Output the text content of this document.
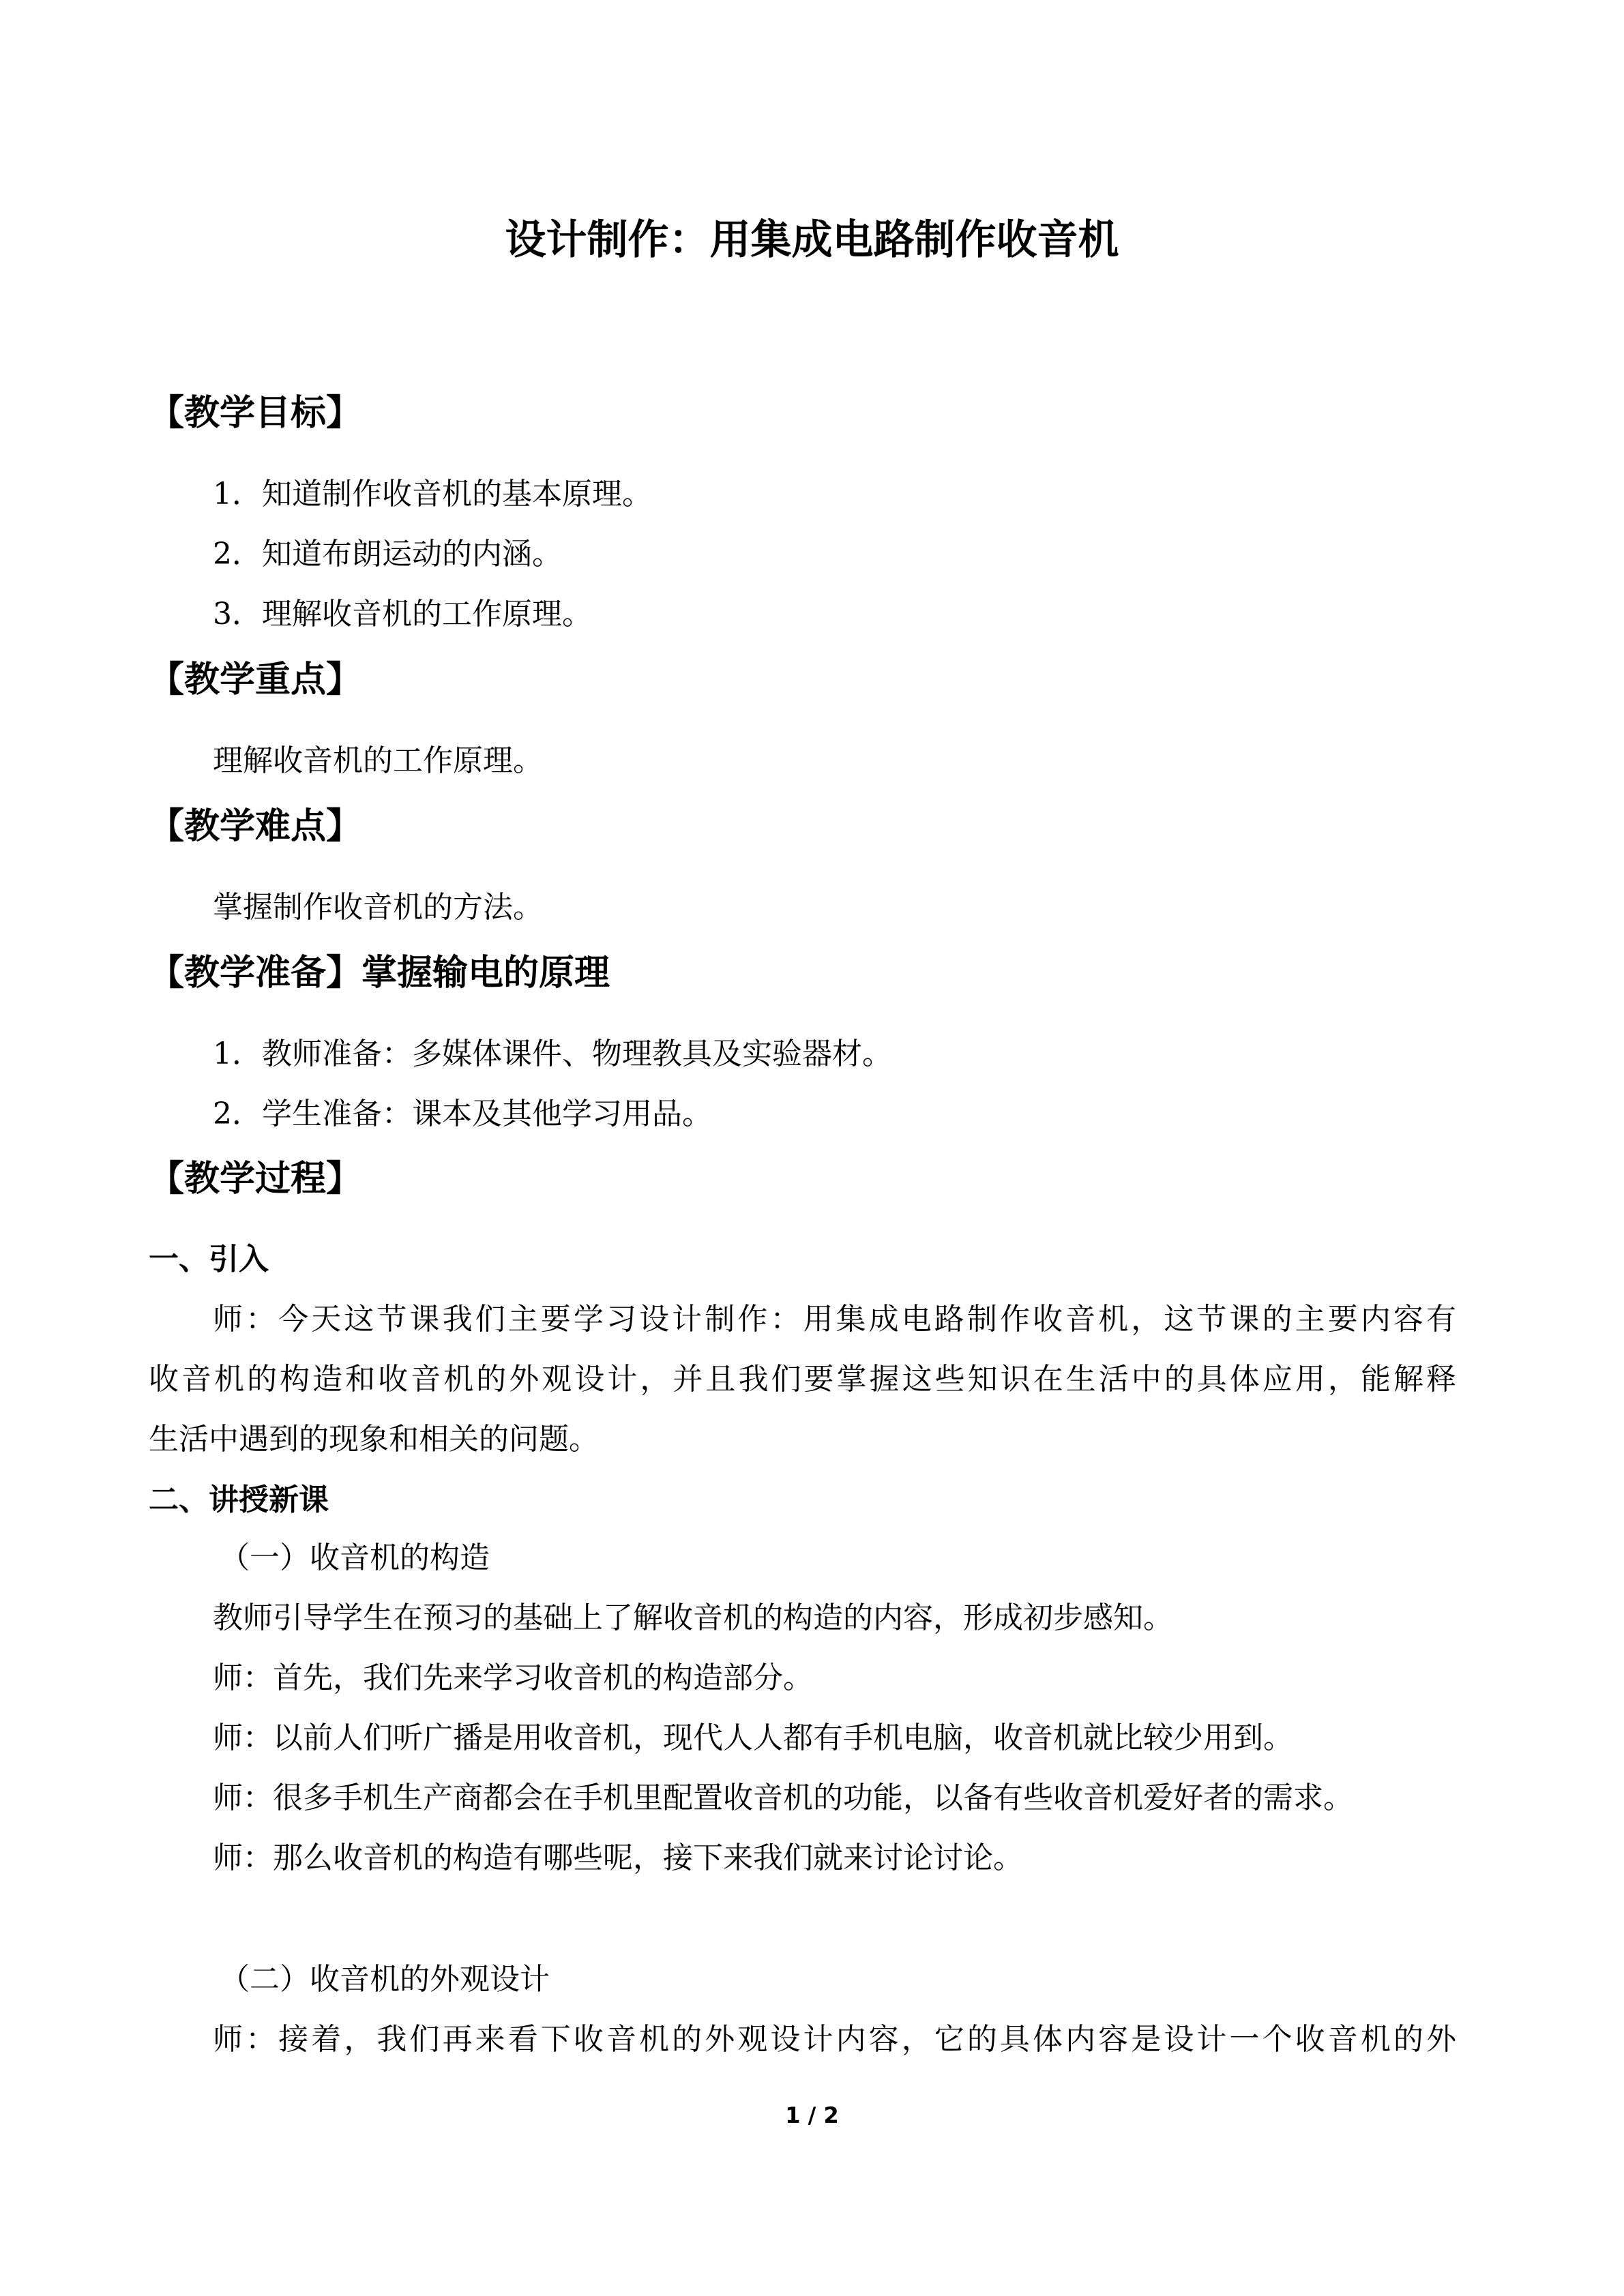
设计制作：用集成电路制作收音机
【教学目标】
1．知道制作收音机的基本原理。
2．知道布朗运动的内涵。
3．理解收音机的工作原理。
【教学重点】
理解收音机的工作原理。
【教学难点】
掌握制作收音机的方法。
【教学准备】掌握输电的原理
1．教师准备：多媒体课件、物理教具及实验器材。
2．学生准备：课本及其他学习用品。
【教学过程】
一、引入
师：今天这节课我们主要学习设计制作：用集成电路制作收音机，这节课的主要内容有
收音机的构造和收音机的外观设计，并且我们要掌握这些知识在生活中的具体应用，能解释
生活中遇到的现象和相关的问题。
二、讲授新课
（一）收音机的构造
教师引导学生在预习的基础上了解收音机的构造的内容，形成初步感知。
师：首先，我们先来学习收音机的构造部分。
师：以前人们听广播是用收音机，现代人人都有手机电脑，收音机就比较少用到。
师：很多手机生产商都会在手机里配置收音机的功能，以备有些收音机爱好者的需求。
师：那么收音机的构造有哪些呢，接下来我们就来讨论讨论。
（二）收音机的外观设计
师：接着，我们再来看下收音机的外观设计内容，它的具体内容是设计一个收音机的外
1 / 2
